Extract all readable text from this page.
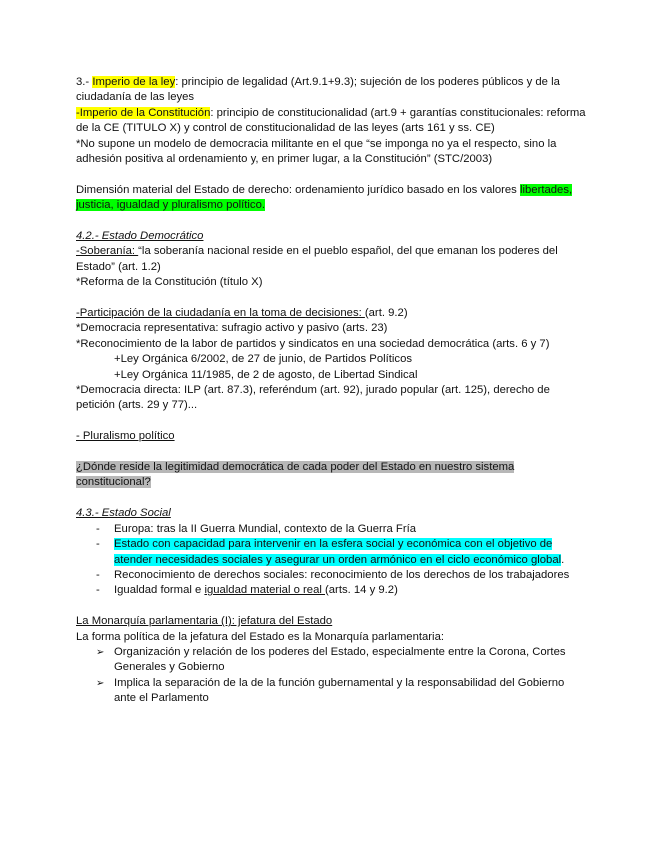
3.- Imperio de la ley: principio de legalidad (Art.9.1+9.3); sujeción de los poderes públicos y de la ciudadanía de las leyes

-Imperio de la Constitución: principio de constitucionalidad (art.9 + garantías constitucionales: reforma de la CE (TITULO X) y control de constitucionalidad de las leyes (arts 161 y ss. CE)

*No supone un modelo de democracia militante en el que “se imponga no ya el respecto, sino la adhesión positiva al ordenamiento y, en primer lugar, a la Constitución” (STC/2003)

Dimensión material del Estado de derecho: ordenamiento jurídico basado en los valores libertades, justicia, igualdad y pluralismo político.

4.2.- Estado Democrático

-Soberanía: “la soberanía nacional reside en el pueblo español, del que emanan los poderes del Estado” (art. 1.2)

*Reforma de la Constitución (título X)

-Participación de la ciudadanía en la toma de decisiones: (art. 9.2)

*Democracia representativa: sufragio activo y pasivo (arts. 23)

*Reconocimiento de la labor de partidos y sindicatos en una sociedad democrática (arts. 6 y 7)

+Ley Orgánica 6/2002, de 27 de junio, de Partidos Políticos

+Ley Orgánica 11/1985, de 2 de agosto, de Libertad Sindical

*Democracia directa: ILP (art. 87.3), referéndum (art. 92), jurado popular (art. 125), derecho de petición (arts. 29 y 77)...

- Pluralismo político

¿Dónde reside la legitimidad democrática de cada poder del Estado en nuestro sistema constitucional?

4.3.- Estado Social

- Europa: tras la II Guerra Mundial, contexto de la Guerra Fría
- Estado con capacidad para intervenir en la esfera social y económica con el objetivo de atender necesidades sociales y asegurar un orden armónico en el ciclo económico global.
- Reconocimiento de derechos sociales: reconocimiento de los derechos de los trabajadores
- Igualdad formal e igualdad material o real (arts. 14 y 9.2)

La Monarquía parlamentaria (I): jefatura del Estado

La forma política de la jefatura del Estado es la Monarquía parlamentaria:

➢ Organización y relación de los poderes del Estado, especialmente entre la Corona, Cortes Generales y Gobierno
➢ Implica la separación de la de la función gubernamental y la responsabilidad del Gobierno ante el Parlamento
